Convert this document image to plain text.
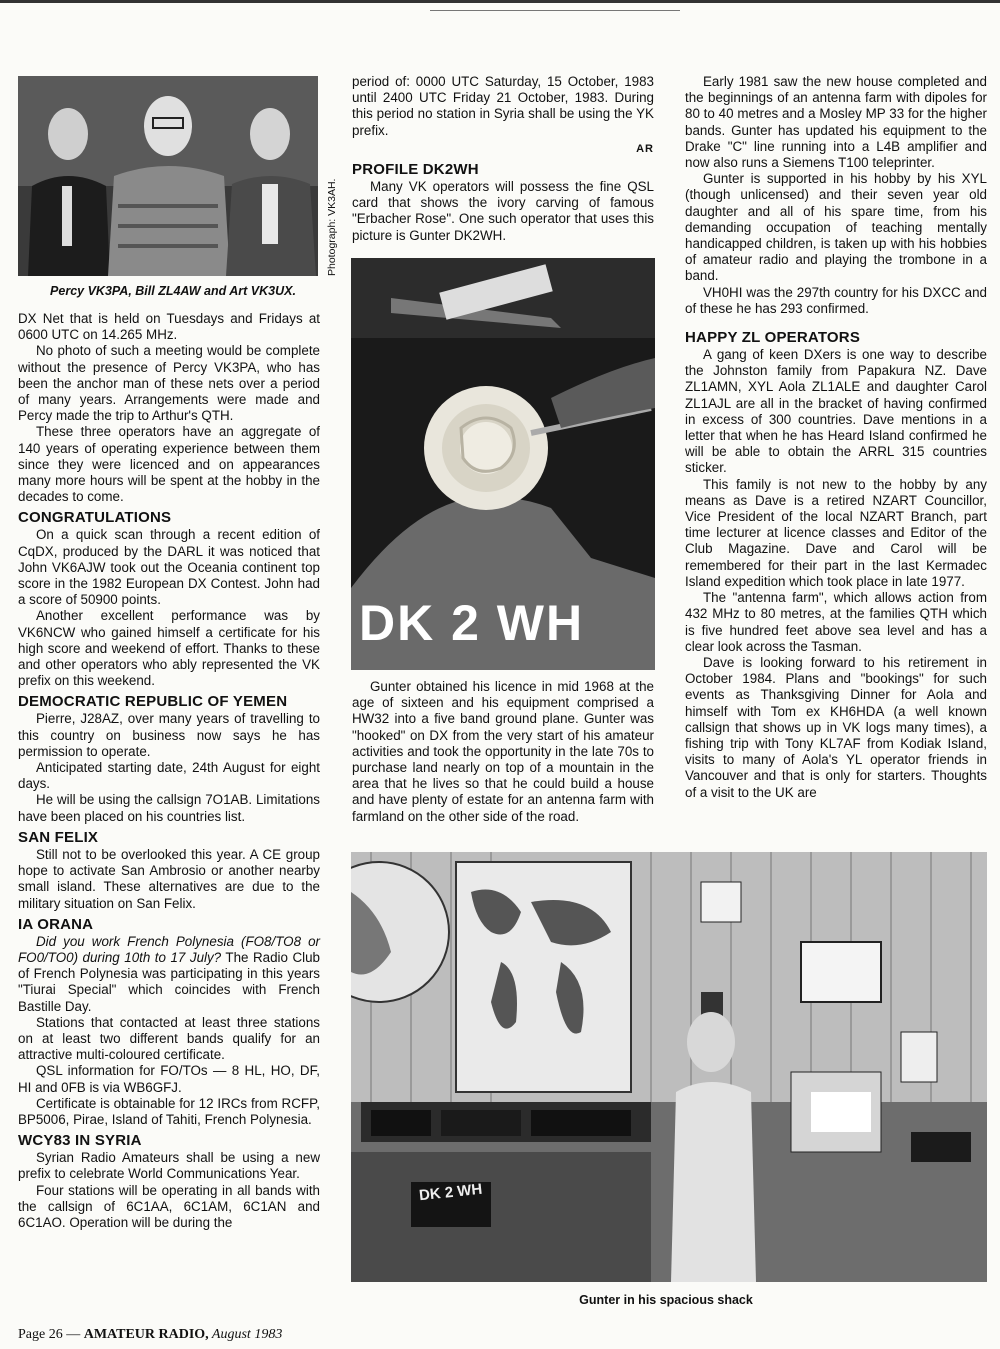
Photograph: VK3AH.
Percy VK3PA, Bill ZL4AW and Art VK3UX.

DX Net that is held on Tuesdays and Fridays at 0600 UTC on 14.265 MHz.

No photo of such a meeting would be complete without the presence of Percy VK3PA, who has been the anchor man of these nets over a period of many years. Arrangements were made and Percy made the trip to Arthur's QTH.

These three operators have an aggregate of 140 years of operating experience between them since they were licenced and on appearances many more hours will be spent at the hobby in the decades to come.

CONGRATULATIONS

On a quick scan through a recent edition of CqDX, produced by the DARL it was noticed that John VK6AJW took out the Oceania continent top score in the 1982 European DX Contest. John had a score of 50900 points.

Another excellent performance was by VK6NCW who gained himself a certificate for his high score and weekend of effort. Thanks to these and other operators who ably represented the VK prefix on this weekend.

DEMOCRATIC REPUBLIC OF YEMEN

Pierre, J28AZ, over many years of travelling to this country on business now says he has permission to operate.

Anticipated starting date, 24th August for eight days.

He will be using the callsign 7O1AB. Limitations have been placed on his countries list.

SAN FELIX

Still not to be overlooked this year. A CE group hope to activate San Ambrosio or another nearby small island. These alternatives are due to the military situation on San Felix.

IA ORANA

Did you work French Polynesia (FO8/TO8 or FO0/TO0) during 10th to 17 July? The Radio Club of French Polynesia was participating in this years "Tiurai Special" which coincides with French Bastille Day.

Stations that contacted at least three stations on at least two different bands qualify for an attractive multi-coloured certificate.

QSL information for FO/TOs — 8 HL, HO, DF, HI and 0FB is via WB6GFJ.

Certificate is obtainable for 12 IRCs from RCFP, BP5006, Pirae, Island of Tahiti, French Polynesia.

WCY83 IN SYRIA

Syrian Radio Amateurs shall be using a new prefix to celebrate World Communications Year.

Four stations will be operating in all bands with the callsign of 6C1AA, 6C1AM, 6C1AN and 6C1AO. Operation will be during the

period of: 0000 UTC Saturday, 15 October, 1983 until 2400 UTC Friday 21 October, 1983. During this period no station in Syria shall be using the YK prefix.

AR
PROFILE DK2WH

Many VK operators will possess the fine QSL card that shows the ivory carving of famous "Erbacher Rose". One such operator that uses this picture is Gunter DK2WH.

DK 2 WH

Gunter obtained his licence in mid 1968 at the age of sixteen and his equipment comprised a HW32 into a five band ground plane. Gunter was "hooked" on DX from the very start of his amateur activities and took the opportunity in the late 70s to purchase land nearly on top of a mountain in the area that he lives so that he could build a house and have plenty of estate for an antenna farm with farmland on the other side of the road.

Early 1981 saw the new house completed and the beginnings of an antenna farm with dipoles for 80 to 40 metres and a Mosley MP 33 for the higher bands. Gunter has updated his equipment to the Drake "C" line running into a L4B amplifier and now also runs a Siemens T100 teleprinter.

Gunter is supported in his hobby by his XYL (though unlicensed) and their seven year old daughter and all of his spare time, from his demanding occupation of teaching mentally handicapped children, is taken up with his hobbies of amateur radio and playing the trombone in a band.

VH0HI was the 297th country for his DXCC and of these he has 293 confirmed.

HAPPY ZL OPERATORS

A gang of keen DXers is one way to describe the Johnston family from Papakura NZ. Dave ZL1AMN, XYL Aola ZL1ALE and daughter Carol ZL1AJL are all in the bracket of having confirmed in excess of 300 countries. Dave mentions in a letter that when he has Heard Island confirmed he will be able to obtain the ARRL 315 countries sticker.

This family is not new to the hobby by any means as Dave is a retired NZART Councillor, Vice President of the local NZART Branch, part time lecturer at licence classes and Editor of the Club Magazine. Dave and Carol will be remembered for their part in the last Kermadec Island expedition which took place in late 1977.

The "antenna farm", which allows action from 432 MHz to 80 metres, at the families QTH which is five hundred feet above sea level and has a clear look across the Tasman.

Dave is looking forward to his retirement in October 1984. Plans and "bookings" for such events as Thanksgiving Dinner for Aola and himself with Tom ex KH6HDA (a well known callsign that shows up in VK logs many times), a fishing trip with Tony KL7AF from Kodiak Island, visits to many of Aola's YL operator friends in Vancouver and that is only for starters. Thoughts of a visit to the UK are

DK 2 WH
Gunter in his spacious shack
Page 26 — AMATEUR RADIO, August 1983
